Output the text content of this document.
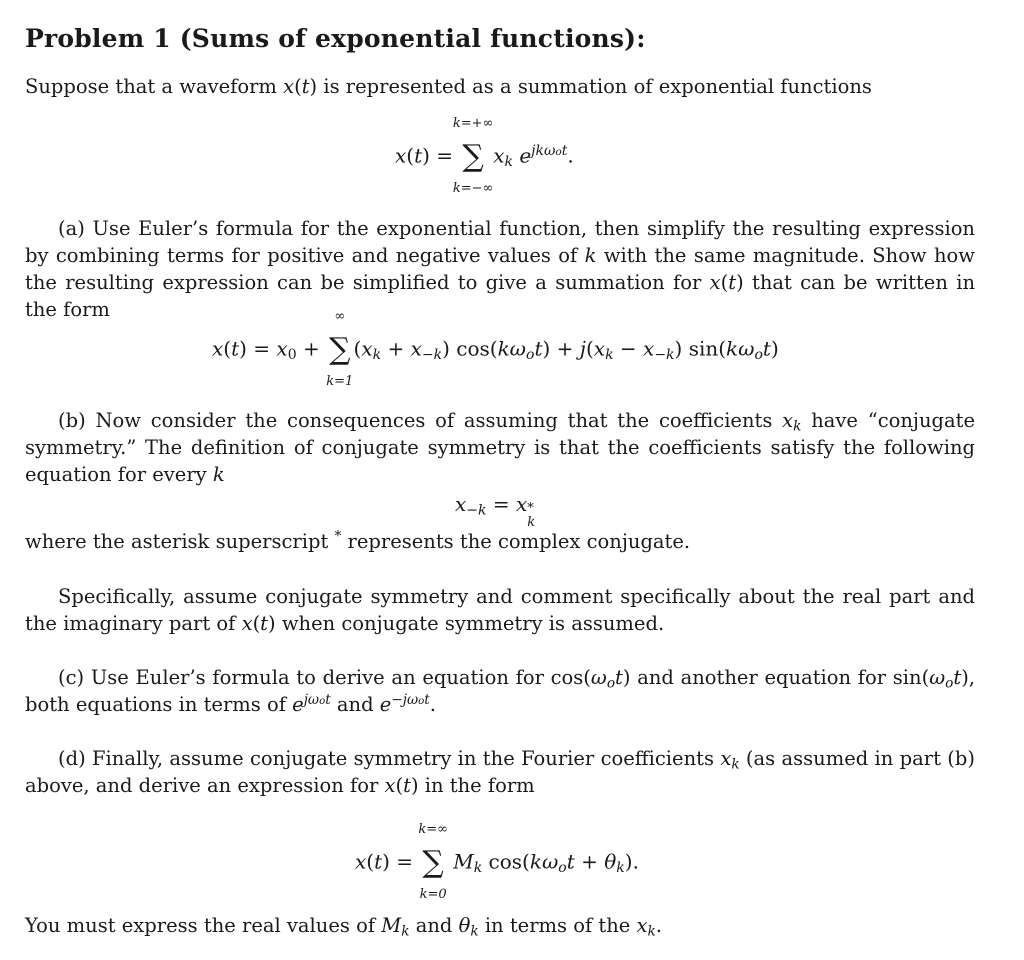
Problem 1 (Sums of exponential functions):

Suppose that a waveform x(t) is represented as a summation of exponential functions

x(t) =
k=+∞
∑
k=−∞
$x_k$ $e^{jk\omega ot}$.

(a) Use Euler’s formula for the exponential function, then simplify the resulting expression by combining terms for positive and negative values of k with the same magnitude. Show how the resulting expression can be simplified to give a summation for x(t) that can be written in the form

$x(t) = x_0$ +
∞
∑
k=1
$(x_k + x_{-k}) \cos(k\omega_ot) + j(x_k - x_{-k})$ $\sin(k\omega_ot)$

(b) Now consider the consequences of assuming that the coefficients $x_k$ have “conjugate symmetry.” The definition of conjugate symmetry is that the coefficients satisfy the following equation for every k

$x_{-k} = x$ *
k

where the asterisk superscript * represents the complex conjugate.

Specifically, assume conjugate symmetry and comment specifically about the real part and the imaginary part of x(t) when conjugate symmetry is assumed.

(c) Use Euler’s formula to derive an equation for $\cos(\omega_ot)$ and another equation for $\sin(\omega_ot)$, both equations in terms of $e^{j\omega ot}$ and $e^{-j\omega ot}$.

(d) Finally, assume conjugate symmetry in the Fourier coefficients $x_k$ (as assumed in part (b) above, and derive an expression for x(t) in the form

x(t) =
k=∞
∑
k=0
$M_k$ $\cos(k\omega_ot + \theta_k)$.

You must express the real values of $M_k$ and $\theta_k$ in terms of the $x_k$.
